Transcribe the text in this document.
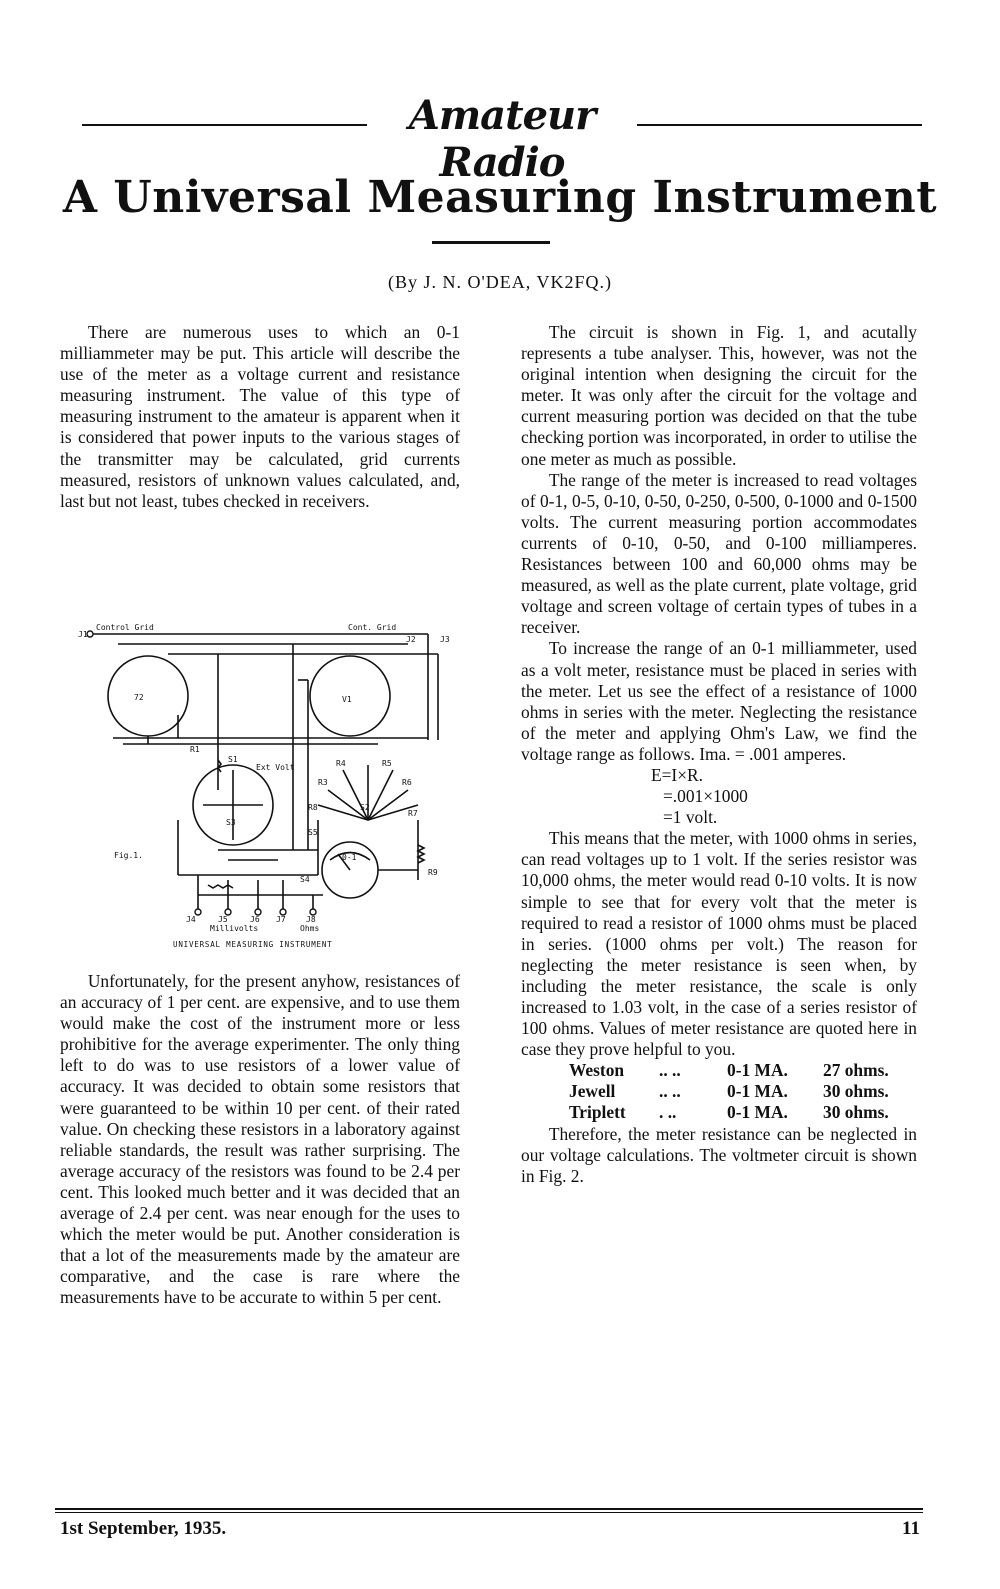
Amateur Radio
A Universal Measuring Instrument
(By J. N. O'DEA, VK2FQ.)

There are numerous uses to which an 0-1 milliammeter may be put. This article will describe the use of the meter as a voltage current and resistance measuring instrument. The value of this type of measuring instrument to the amateur is apparent when it is considered that power inputs to the various stages of the transmitter may be calculated, grid currents measured, resistors of unknown values calculated, and, last but not least, tubes checked in receivers.

J1
Control Grid	Cont. Grid
J2	J3
72	V1
S1
S2
S3
S4
S5
R1
R3
R4	R5
R6
R7
R8
R9
Ext Volt
0-1
J4	J5	J6 J7	J8
Millivolts	Ohms
Fig.1.
UNIVERSAL MEASURING INSTRUMENT

Unfortunately, for the present anyhow, resistances of an accuracy of 1 per cent. are expensive, and to use them would make the cost of the instrument more or less prohibitive for the average experimenter. The only thing left to do was to use resistors of a lower value of accuracy. It was decided to obtain some resistors that were guaranteed to be within 10 per cent. of their rated value. On checking these resistors in a laboratory against reliable standards, the result was rather surprising. The average accuracy of the resistors was found to be 2.4 per cent. This looked much better and it was decided that an average of 2.4 per cent. was near enough for the uses to which the meter would be put. Another consideration is that a lot of the measurements made by the amateur are comparative, and the case is rare where the measurements have to be accurate to within 5 per cent.

The circuit is shown in Fig. 1, and acutally represents a tube analyser. This, however, was not the original intention when designing the circuit for the meter. It was only after the circuit for the voltage and current measuring portion was decided on that the tube checking portion was incorporated, in order to utilise the one meter as much as possible.

The range of the meter is increased to read voltages of 0-1, 0-5, 0-10, 0-50, 0-250, 0-500, 0-1000 and 0-1500 volts. The current measuring portion accommodates currents of 0-10, 0-50, and 0-100 milliamperes. Resistances between 100 and 60,000 ohms may be measured, as well as the plate current, plate voltage, grid voltage and screen voltage of certain types of tubes in a receiver.

To increase the range of an 0-1 milliammeter, used as a volt meter, resistance must be placed in series with the meter. Let us see the effect of a resistance of 1000 ohms in series with the meter. Neglecting the resistance of the meter and applying Ohm's Law, we find the voltage range as follows. Ima. = .001 amperes.

E=I×R.
=.001×1000
=1 volt.

This means that the meter, with 1000 ohms in series, can read voltages up to 1 volt. If the series resistor was 10,000 ohms, the meter would read 0-10 volts. It is now simple to see that for every volt that the meter is required to read a resistor of 1000 ohms must be placed in series. (1000 ohms per volt.) The reason for neglecting the meter resistance is seen when, by including the meter resistance, the scale is only increased to 1.03 volt, in the case of a series resistor of 100 ohms. Values of meter resistance are quoted here in case they prove helpful to you.

	Weston	.. ..	0-1 MA.	27 ohms.
	Jewell	.. ..	0-1 MA.	30 ohms.
	Triplett	. ..	0-1 MA.	30 ohms.

Therefore, the meter resistance can be neglected in our voltage calculations. The voltmeter circuit is shown in Fig. 2.

1st September, 1935.	11
